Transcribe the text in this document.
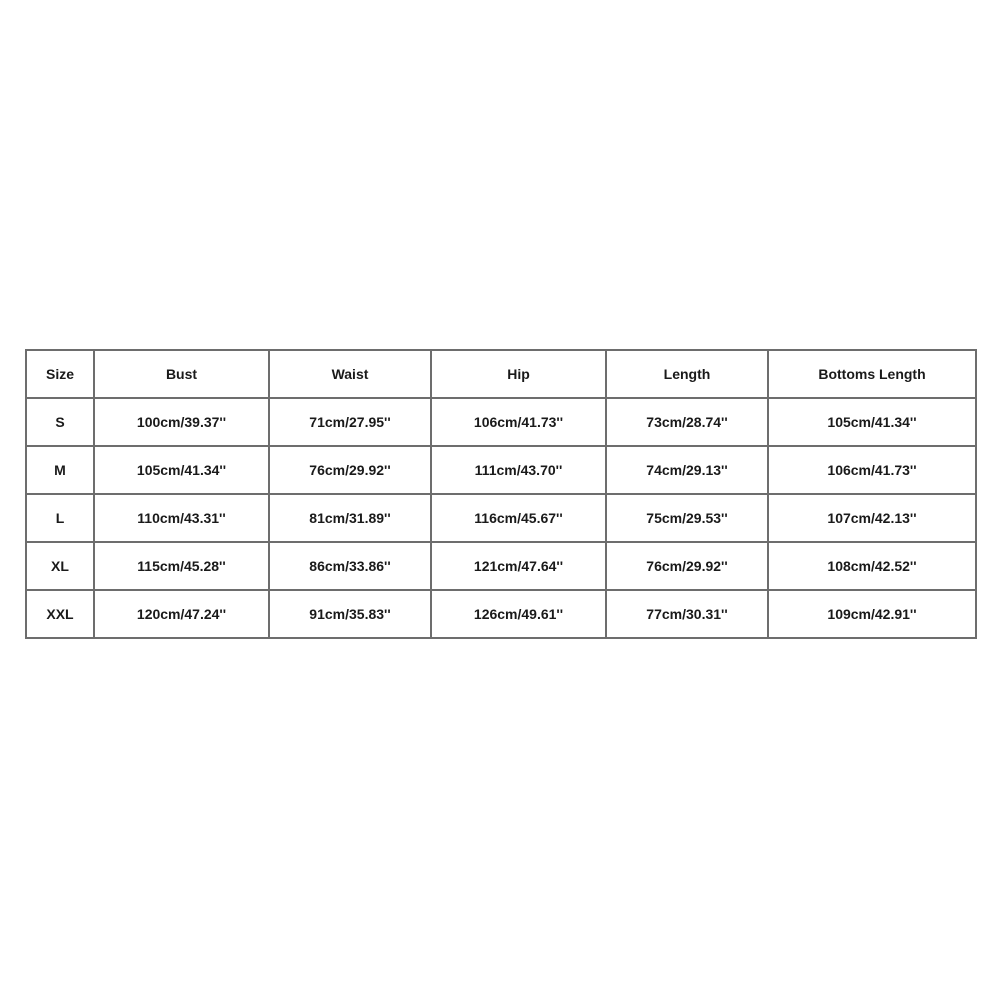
Size	Bust	Waist	Hip	Length	Bottoms Length
S	100cm/39.37''	71cm/27.95''	106cm/41.73''	73cm/28.74''	105cm/41.34''
M	105cm/41.34''	76cm/29.92''	111cm/43.70''	74cm/29.13''	106cm/41.73''
L	110cm/43.31''	81cm/31.89''	116cm/45.67''	75cm/29.53''	107cm/42.13''
XL	115cm/45.28''	86cm/33.86''	121cm/47.64''	76cm/29.92''	108cm/42.52''
XXL	120cm/47.24''	91cm/35.83''	126cm/49.61''	77cm/30.31''	109cm/42.91''
